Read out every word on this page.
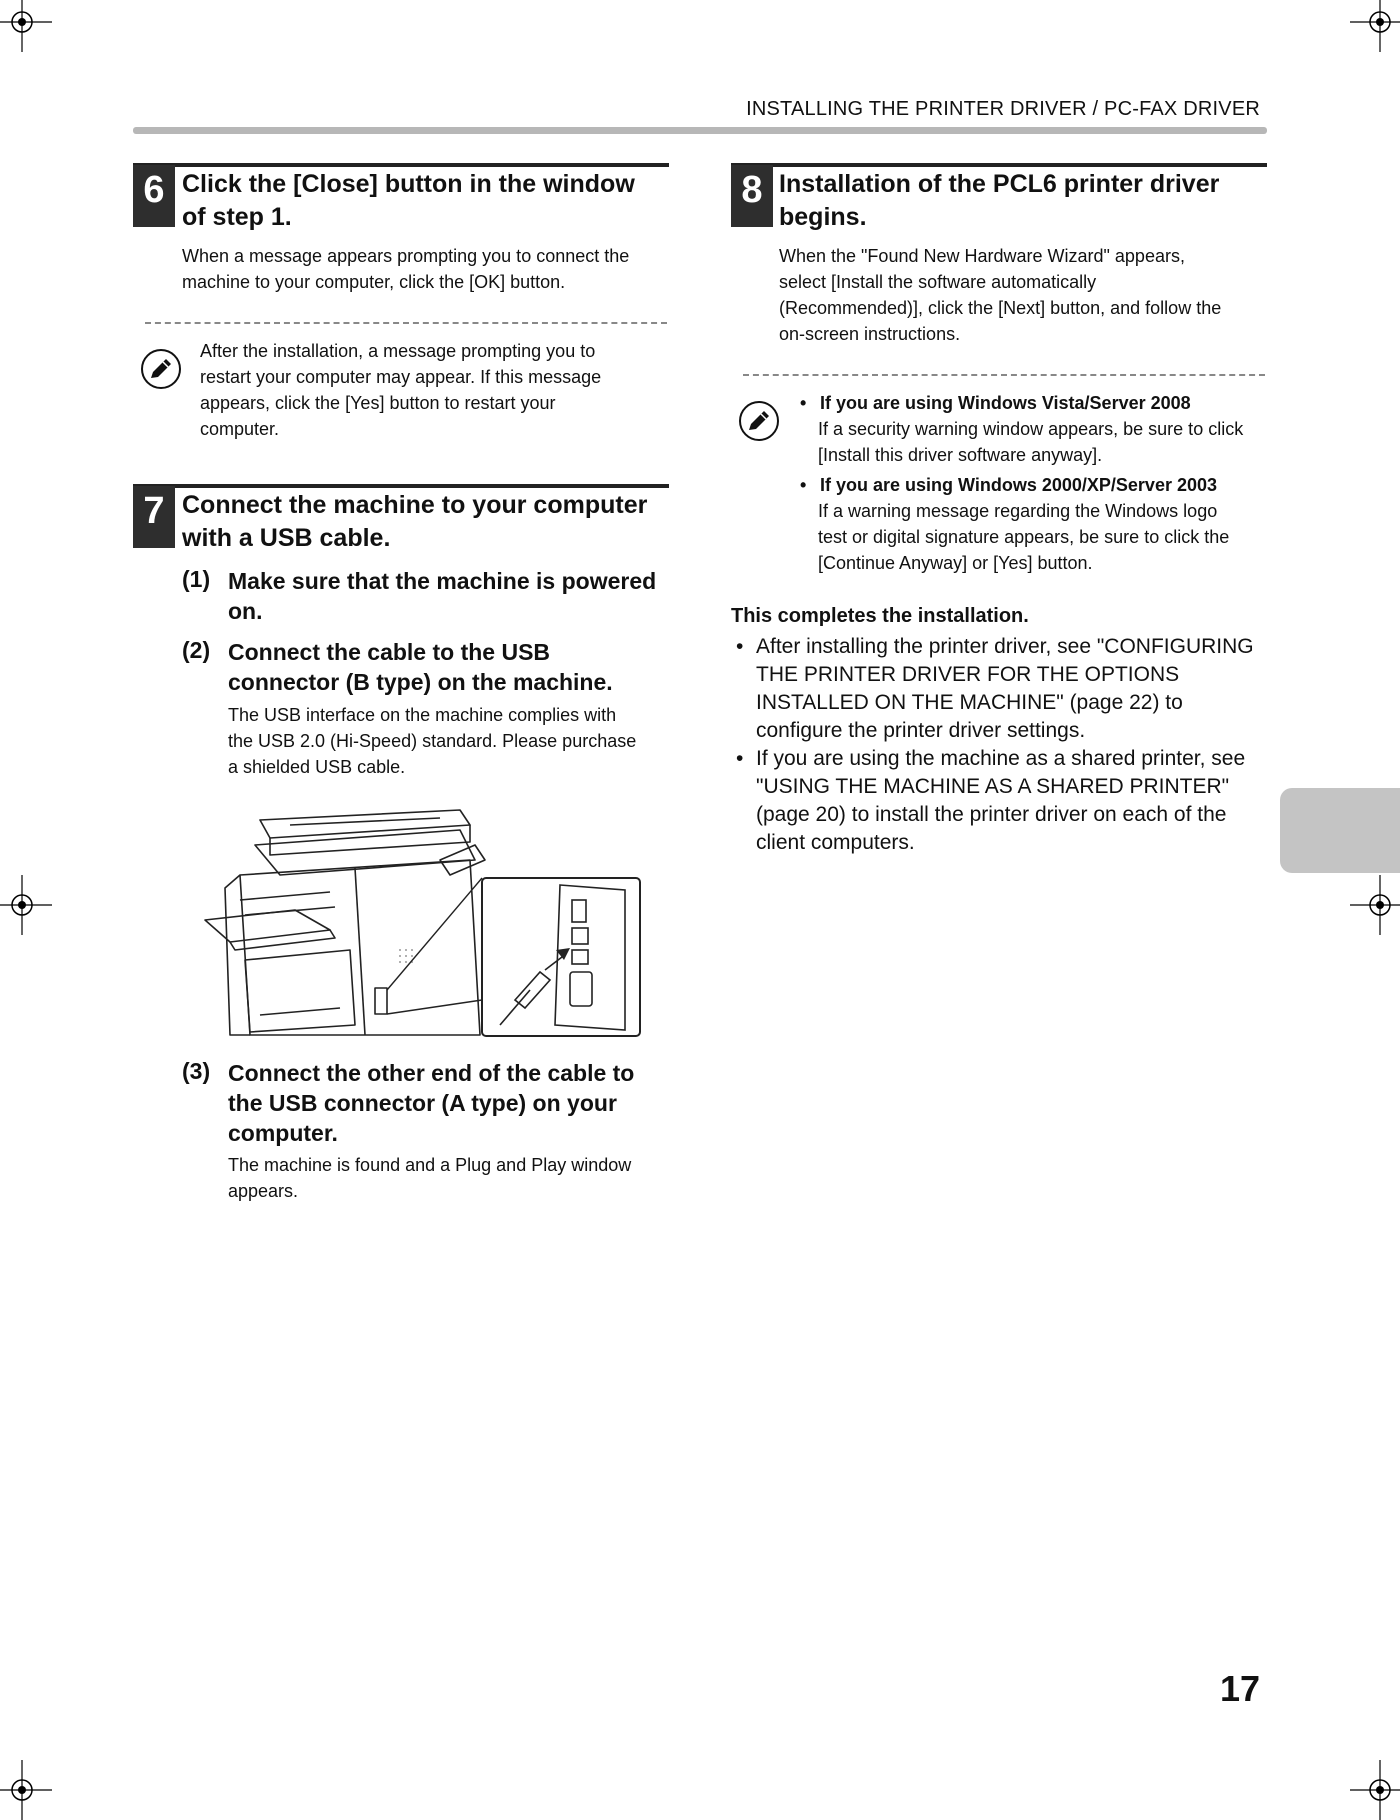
INSTALLING THE PRINTER DRIVER / PC-FAX DRIVER
6 Click the [Close] button in the window
of step 1.
When a message appears prompting you to connect the
machine to your computer, click the [OK] button.
After the installation, a message prompting you to
restart your computer may appear. If this message
appears, click the [Yes] button to restart your
computer.
7 Connect the machine to your computer
with a USB cable.
(1) Make sure that the machine is powered
on.
(2) Connect the cable to the USB
connector (B type) on the machine.
The USB interface on the machine complies with
the USB 2.0 (Hi-Speed) standard. Please purchase
a shielded USB cable.
(3) Connect the other end of the cable to
the USB connector (A type) on your
computer.
The machine is found and a Plug and Play window
appears.
8 Installation of the PCL6 printer driver
begins.
When the "Found New Hardware Wizard" appears,
select [Install the software automatically
(Recommended)], click the [Next] button, and follow the
on-screen instructions.
• If you are using Windows Vista/Server 2008
If a security warning window appears, be sure to click
[Install this driver software anyway].
• If you are using Windows 2000/XP/Server 2003
If a warning message regarding the Windows logo
test or digital signature appears, be sure to click the
[Continue Anyway] or [Yes] button.
This completes the installation.
• After installing the printer driver, see "CONFIGURING
THE PRINTER DRIVER FOR THE OPTIONS
INSTALLED ON THE MACHINE" (page 22) to
configure the printer driver settings.
• If you are using the machine as a shared printer, see
"USING THE MACHINE AS A SHARED PRINTER"
(page 20) to install the printer driver on each of the
client computers.
17
